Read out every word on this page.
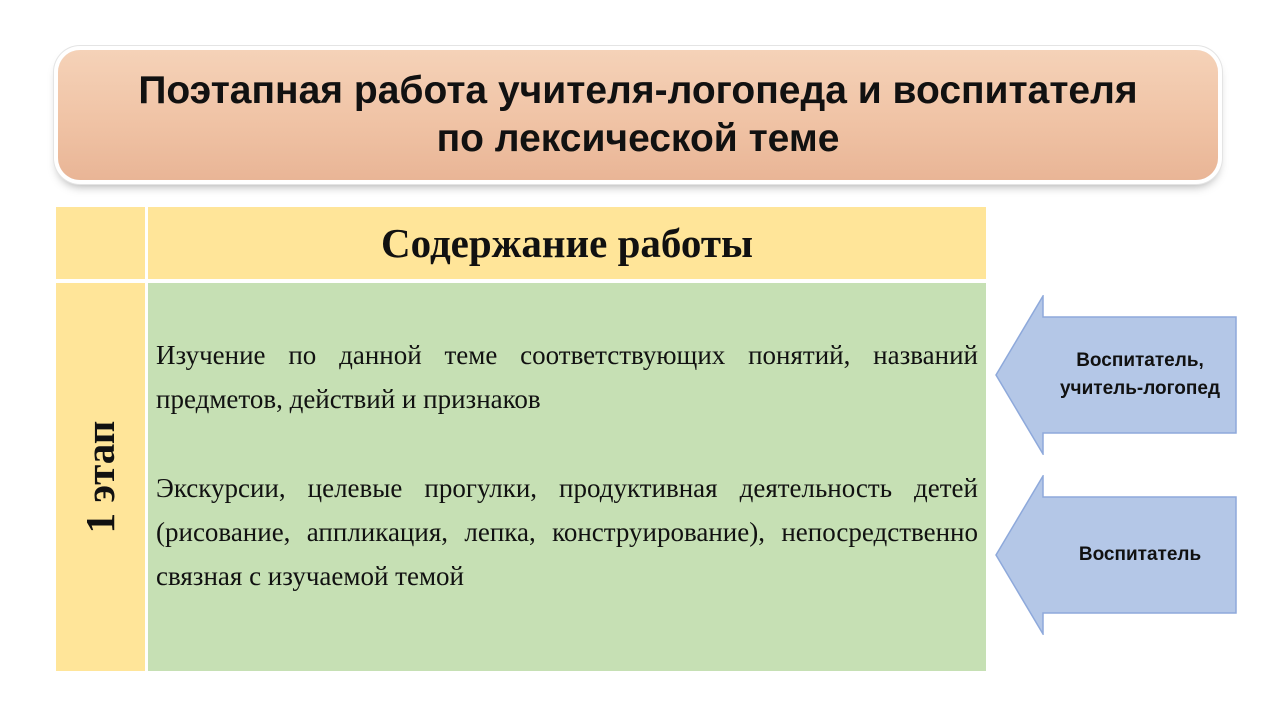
Поэтапная работа учителя-логопеда и воспитателя
по лексической теме
Содержание работы
1 этап
Изучение по данной теме соответствующих понятий, названий предметов, действий и признаков
Экскурсии, целевые прогулки, продуктивная деятельность детей (рисование, аппликация, лепка, конструирование), непосредственно связная с изучаемой темой
Воспитатель,
учитель-логопед
Воспитатель
